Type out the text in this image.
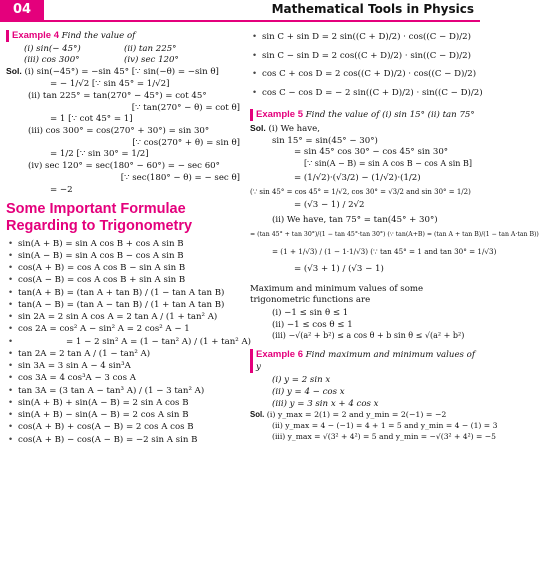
04	Mathematical Tools in Physics
Example 4 Find the value of
(i) sin(− 45°)	(ii) tan 225°
(iii) cos 300°	(iv) sec 120°
Sol. (i) sin(−45°) = −sin 45° [∵ sin(−θ) = −sin θ]
= − 1/√2 [∵ sin 45° = 1/√2]
(ii) tan 225° = tan(270° − 45°) = cot 45°
[∵ tan(270° − θ) = cot θ]
= 1 [∵ cot 45° = 1]
(iii) cos 300° = cos(270° + 30°) = sin 30°
[∵ cos(270° + θ) = sin θ]
= 1/2 [∵ sin 30° = 1/2]
(iv) sec 120° = sec(180° − 60°) = − sec 60°
[∵ sec(180° − θ) = − sec θ]
= −2
Some Important Formulae
Regarding to Trigonometry
• sin(A + B) = sin A cos B + cos A sin B
• sin(A − B) = sin A cos B − cos A sin B
• cos(A + B) = cos A cos B − sin A sin B
• cos(A − B) = cos A cos B + sin A sin B
• tan(A + B) = (tan A + tan B) / (1 − tan A tan B)
• tan(A − B) = (tan A − tan B) / (1 + tan A tan B)
• sin 2A = 2 sin A cos A = 2 tan A / (1 + tan² A)
• cos 2A = cos² A − sin² A = 2 cos² A − 1
• = 1 − 2 sin² A = (1 − tan² A) / (1 + tan² A)
• tan 2A = 2 tan A / (1 − tan² A)
• sin 3A = 3 sin A − 4 sin³A
• cos 3A = 4 cos³A − 3 cos A
• tan 3A = (3 tan A − tan³ A) / (1 − 3 tan² A)
• sin(A + B) + sin(A − B) = 2 sin A cos B
• sin(A + B) − sin(A − B) = 2 cos A sin B
• cos(A + B) + cos(A − B) = 2 cos A cos B
• cos(A + B) − cos(A − B) = −2 sin A sin B
• sin C + sin D = 2 sin((C + D)/2) · cos((C − D)/2)
• sin C − sin D = 2 cos((C + D)/2) · sin((C − D)/2)
• cos C + cos D = 2 cos((C + D)/2) · cos((C − D)/2)
• cos C − cos D = − 2 sin((C + D)/2) · sin((C − D)/2)
Example 5 Find the value of (i) sin 15° (ii) tan 75°
Sol. (i) We have,
sin 15° = sin(45° − 30°)
= sin 45° cos 30° − cos 45° sin 30°
[∵ sin(A − B) = sin A cos B − cos A sin B]
= (1/√2)·(√3/2) − (1/√2)·(1/2)
(∵ sin 45° = cos 45° = 1/√2, cos 30° = √3/2 and sin 30° = 1/2)
= (√3 − 1) / 2√2
(ii) We have, tan 75° = tan(45° + 30°)
= (tan 45° + tan 30°)/(1 − tan 45°·tan 30°) (∵ tan(A+B) = (tan A + tan B)/(1 − tan A·tan B))
= (1 + 1/√3) / (1 − 1·1/√3) (∵ tan 45° = 1 and tan 30° = 1/√3)
= (√3 + 1) / (√3 − 1)
Maximum and minimum values of some trigonometric functions are
(i) −1 ≤ sin θ ≤ 1
(ii) −1 ≤ cos θ ≤ 1
(iii) −√(a² + b²) ≤ a cos θ + b sin θ ≤ √(a² + b²)
Example 6 Find maximum and minimum values of y
(i) y = 2 sin x
(ii) y = 4 − cos x
(iii) y = 3 sin x + 4 cos x
Sol. (i) y_max = 2(1) = 2 and y_min = 2(−1) = −2
(ii) y_max = 4 − (−1) = 4 + 1 = 5 and y_min = 4 − (1) = 3
(iii) y_max = √(3² + 4²) = 5 and y_min = −√(3² + 4²) = −5
